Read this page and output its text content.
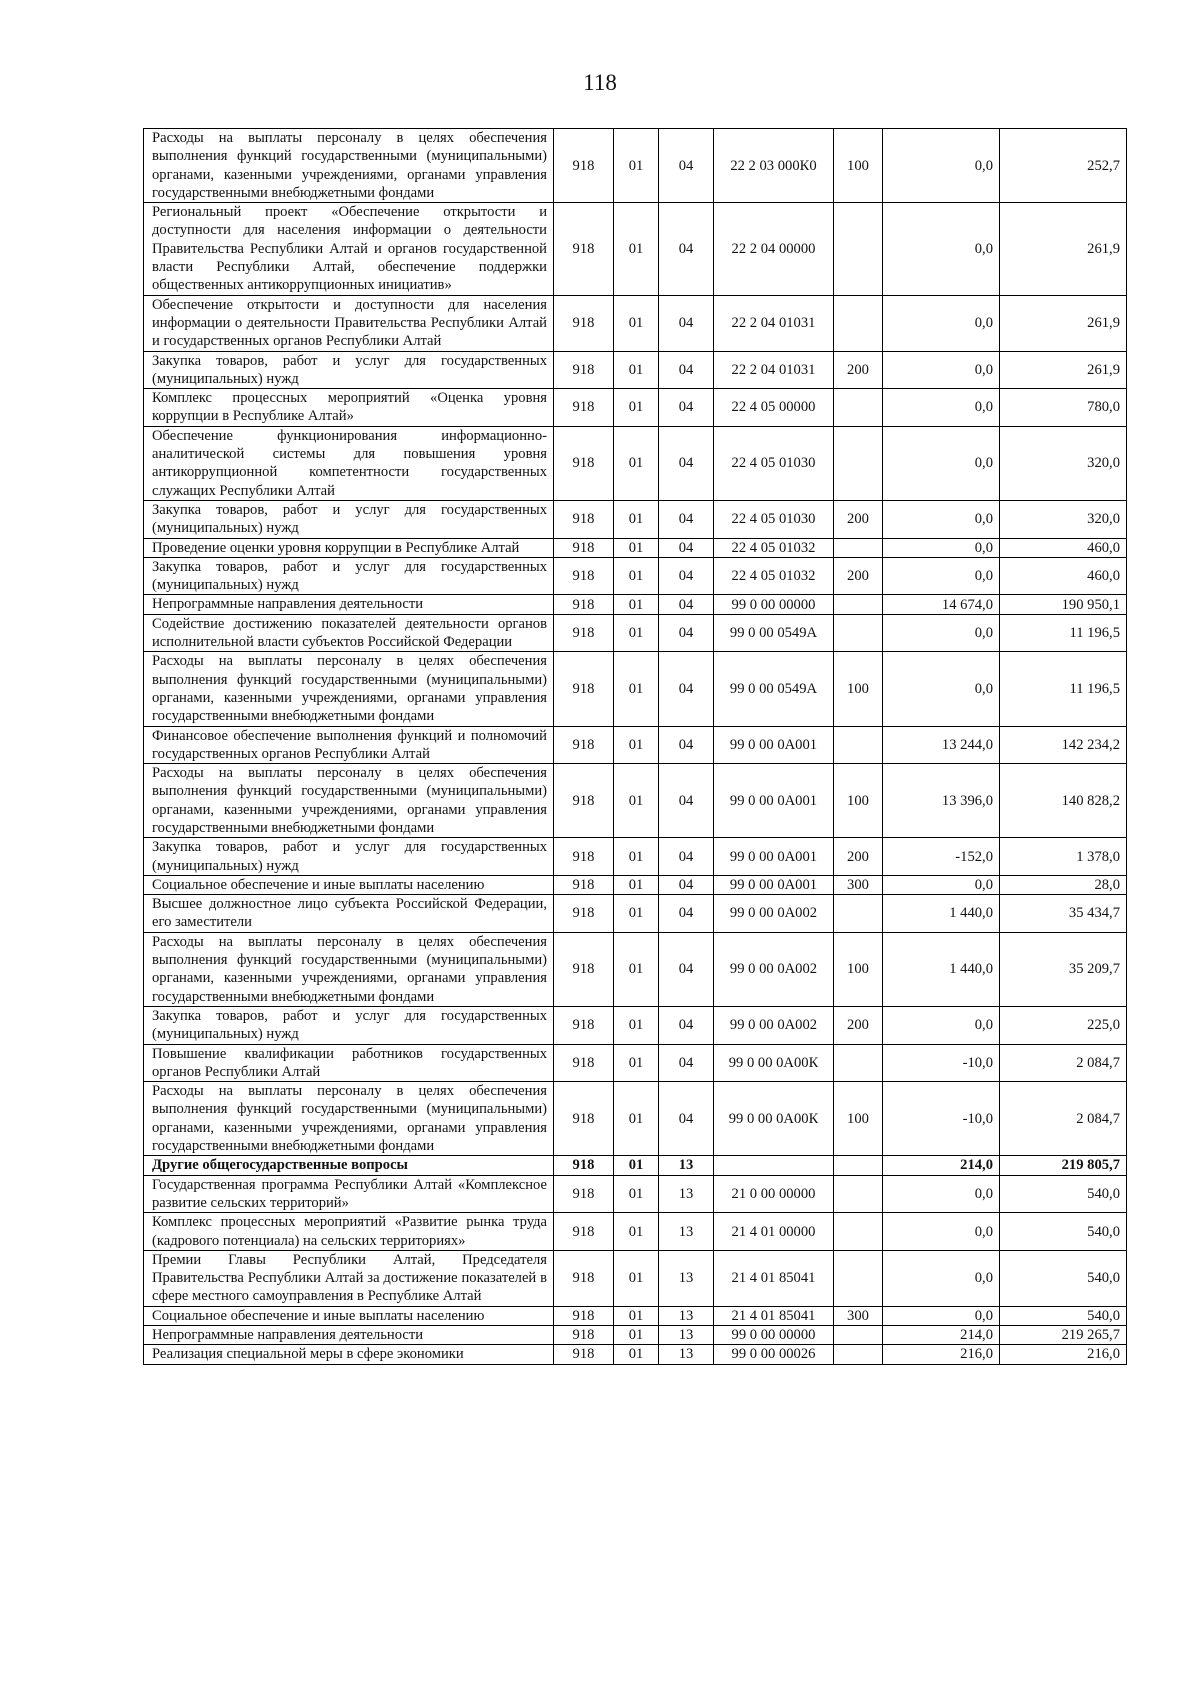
118
Расходы на выплаты персоналу в целях обеспечения выполнения функций государственными (муниципальными) органами, казенными учреждениями, органами управления государственными внебюджетными фондами	918	01	04	22 2 03 000К0	100	0,0	252,7
Региональный проект «Обеспечение открытости и доступности для населения информации о деятельности Правительства Республики Алтай и органов государственной власти Республики Алтай, обеспечение поддержки общественных антикоррупционных инициатив»	918	01	04	22 2 04 00000		0,0	261,9
Обеспечение открытости и доступности для населения информации о деятельности Правительства Республики Алтай и государственных органов Республики Алтай	918	01	04	22 2 04 01031		0,0	261,9
Закупка товаров, работ и услуг для государственных (муниципальных) нужд	918	01	04	22 2 04 01031	200	0,0	261,9
Комплекс процессных мероприятий «Оценка уровня коррупции в Республике Алтай»	918	01	04	22 4 05 00000		0,0	780,0
Обеспечение функционирования информационно-аналитической системы для повышения уровня антикоррупционной компетентности государственных служащих Республики Алтай	918	01	04	22 4 05 01030		0,0	320,0
Закупка товаров, работ и услуг для государственных (муниципальных) нужд	918	01	04	22 4 05 01030	200	0,0	320,0
Проведение оценки уровня коррупции в Республике Алтай	918	01	04	22 4 05 01032		0,0	460,0
Закупка товаров, работ и услуг для государственных (муниципальных) нужд	918	01	04	22 4 05 01032	200	0,0	460,0
Непрограммные направления деятельности	918	01	04	99 0 00 00000		14 674,0	190 950,1
Содействие достижению показателей деятельности органов исполнительной власти субъектов Российской Федерации	918	01	04	99 0 00 0549А		0,0	11 196,5
Расходы на выплаты персоналу в целях обеспечения выполнения функций государственными (муниципальными) органами, казенными учреждениями, органами управления государственными внебюджетными фондами	918	01	04	99 0 00 0549А	100	0,0	11 196,5
Финансовое обеспечение выполнения функций и полномочий государственных органов Республики Алтай	918	01	04	99 0 00 0А001		13 244,0	142 234,2
Расходы на выплаты персоналу в целях обеспечения выполнения функций государственными (муниципальными) органами, казенными учреждениями, органами управления государственными внебюджетными фондами	918	01	04	99 0 00 0А001	100	13 396,0	140 828,2
Закупка товаров, работ и услуг для государственных (муниципальных) нужд	918	01	04	99 0 00 0А001	200	-152,0	1 378,0
Социальное обеспечение и иные выплаты населению	918	01	04	99 0 00 0А001	300	0,0	28,0
Высшее должностное лицо субъекта Российской Федерации, его заместители	918	01	04	99 0 00 0А002		1 440,0	35 434,7
Расходы на выплаты персоналу в целях обеспечения выполнения функций государственными (муниципальными) органами, казенными учреждениями, органами управления государственными внебюджетными фондами	918	01	04	99 0 00 0А002	100	1 440,0	35 209,7
Закупка товаров, работ и услуг для государственных (муниципальных) нужд	918	01	04	99 0 00 0А002	200	0,0	225,0
Повышение квалификации работников государственных органов Республики Алтай	918	01	04	99 0 00 0А00К		-10,0	2 084,7
Расходы на выплаты персоналу в целях обеспечения выполнения функций государственными (муниципальными) органами, казенными учреждениями, органами управления государственными внебюджетными фондами	918	01	04	99 0 00 0А00К	100	-10,0	2 084,7
Другие общегосударственные вопросы	918	01	13			214,0	219 805,7
Государственная программа Республики Алтай «Комплексное развитие сельских территорий»	918	01	13	21 0 00 00000		0,0	540,0
Комплекс процессных мероприятий «Развитие рынка труда (кадрового потенциала) на сельских территориях»	918	01	13	21 4 01 00000		0,0	540,0
Премии Главы Республики Алтай, Председателя Правительства Республики Алтай за достижение показателей в сфере местного самоуправления в Республике Алтай	918	01	13	21 4 01 85041		0,0	540,0
Социальное обеспечение и иные выплаты населению	918	01	13	21 4 01 85041	300	0,0	540,0
Непрограммные направления деятельности	918	01	13	99 0 00 00000		214,0	219 265,7
Реализация специальной меры в сфере экономики	918	01	13	99 0 00 00026		216,0	216,0
